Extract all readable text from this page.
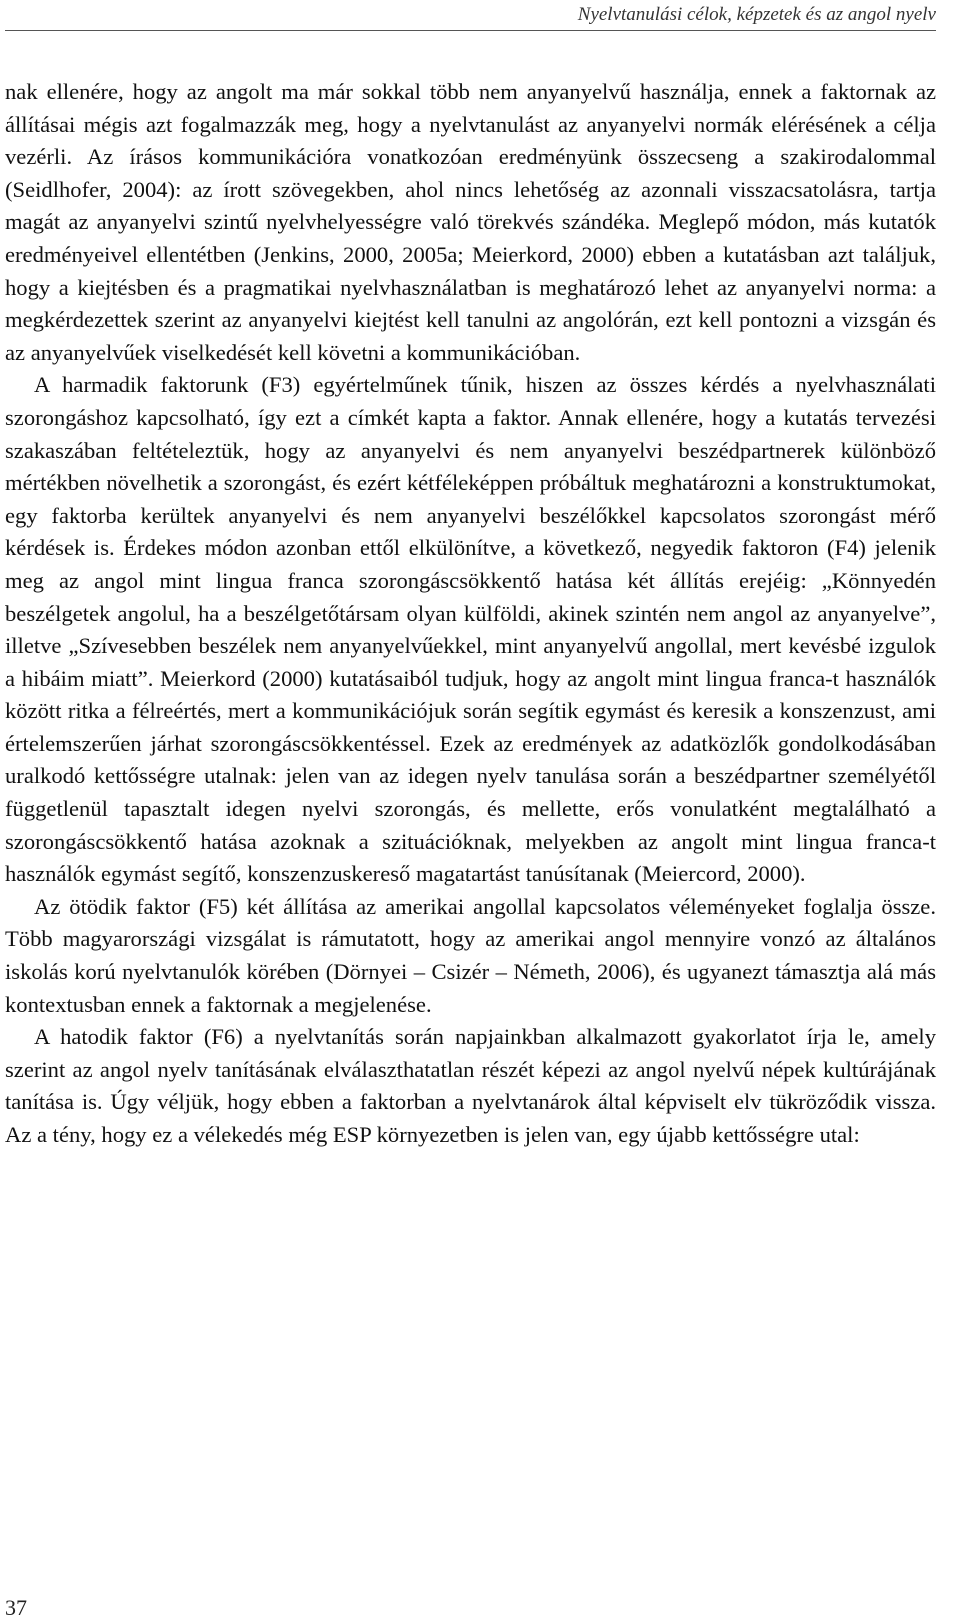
Nyelvtanulási célok, képzetek és az angol nyelv

nak ellenére, hogy az angolt ma már sokkal több nem anyanyelvű használja, ennek a faktornak az állításai mégis azt fogalmazzák meg, hogy a nyelvtanulást az anyanyelvi normák elérésének a célja vezérli. Az írásos kommunikációra vonatkozóan eredményünk összecseng a szakirodalommal (Seidlhofer, 2004): az írott szövegekben, ahol nincs lehetőség az azonnali visszacsatolásra, tartja magát az anyanyelvi szintű nyelvhelyességre való törekvés szándéka. Meglepő módon, más kutatók eredményeivel ellentétben (Jenkins, 2000, 2005a; Meierkord, 2000) ebben a kutatásban azt találjuk, hogy a kiejtésben és a pragmatikai nyelvhasználatban is meghatározó lehet az anyanyelvi norma: a megkérdezettek szerint az anyanyelvi kiejtést kell tanulni az angolórán, ezt kell pontozni a vizsgán és az anyanyelvűek viselkedését kell követni a kommunikációban.

A harmadik faktorunk (F3) egyértelműnek tűnik, hiszen az összes kérdés a nyelvhasználati szorongáshoz kapcsolható, így ezt a címkét kapta a faktor. Annak ellenére, hogy a kutatás tervezési szakaszában feltételeztük, hogy az anyanyelvi és nem anyanyelvi beszédpartnerek különböző mértékben növelhetik a szorongást, és ezért kétféleképpen próbáltuk meghatározni a konstruktumokat, egy faktorba kerültek anyanyelvi és nem anyanyelvi beszélőkkel kapcsolatos szorongást mérő kérdések is. Érdekes módon azonban ettől elkülönítve, a következő, negyedik faktoron (F4) jelenik meg az angol mint lingua franca szorongáscsökkentő hatása két állítás erejéig: „Könnyedén beszélgetek angolul, ha a beszélgetőtársam olyan külföldi, akinek szintén nem angol az anyanyelve”, illetve „Szívesebben beszélek nem anyanyelvűekkel, mint anyanyelvű angollal, mert kevésbé izgulok a hibáim miatt”. Meierkord (2000) kutatásaiból tudjuk, hogy az angolt mint lingua franca-t használók között ritka a félreértés, mert a kommunikációjuk során segítik egymást és keresik a konszenzust, ami értelemszerűen járhat szorongáscsökkentéssel. Ezek az eredmények az adatközlők gondolkodásában uralkodó kettősségre utalnak: jelen van az idegen nyelv tanulása során a beszédpartner személyétől függetlenül tapasztalt idegen nyelvi szorongás, és mellette, erős vonulatként megtalálható a szorongáscsökkentő hatása azoknak a szituációknak, melyekben az angolt mint lingua franca-t használók egymást segítő, konszenzuskereső magatartást tanúsítanak (Meiercord, 2000).

Az ötödik faktor (F5) két állítása az amerikai angollal kapcsolatos véleményeket foglalja össze. Több magyarországi vizsgálat is rámutatott, hogy az amerikai angol mennyire vonzó az általános iskolás korú nyelvtanulók körében (Dörnyei – Csizér – Németh, 2006), és ugyanezt támasztja alá más kontextusban ennek a faktornak a megjelenése.

A hatodik faktor (F6) a nyelvtanítás során napjainkban alkalmazott gyakorlatot írja le, amely szerint az angol nyelv tanításának elválaszthatatlan részét képezi az angol nyelvű népek kultúrájának tanítása is. Úgy véljük, hogy ebben a faktorban a nyelvtanárok által képviselt elv tükröződik vissza. Az a tény, hogy ez a vélekedés még ESP környezetben is jelen van, egy újabb kettősségre utal:

37
